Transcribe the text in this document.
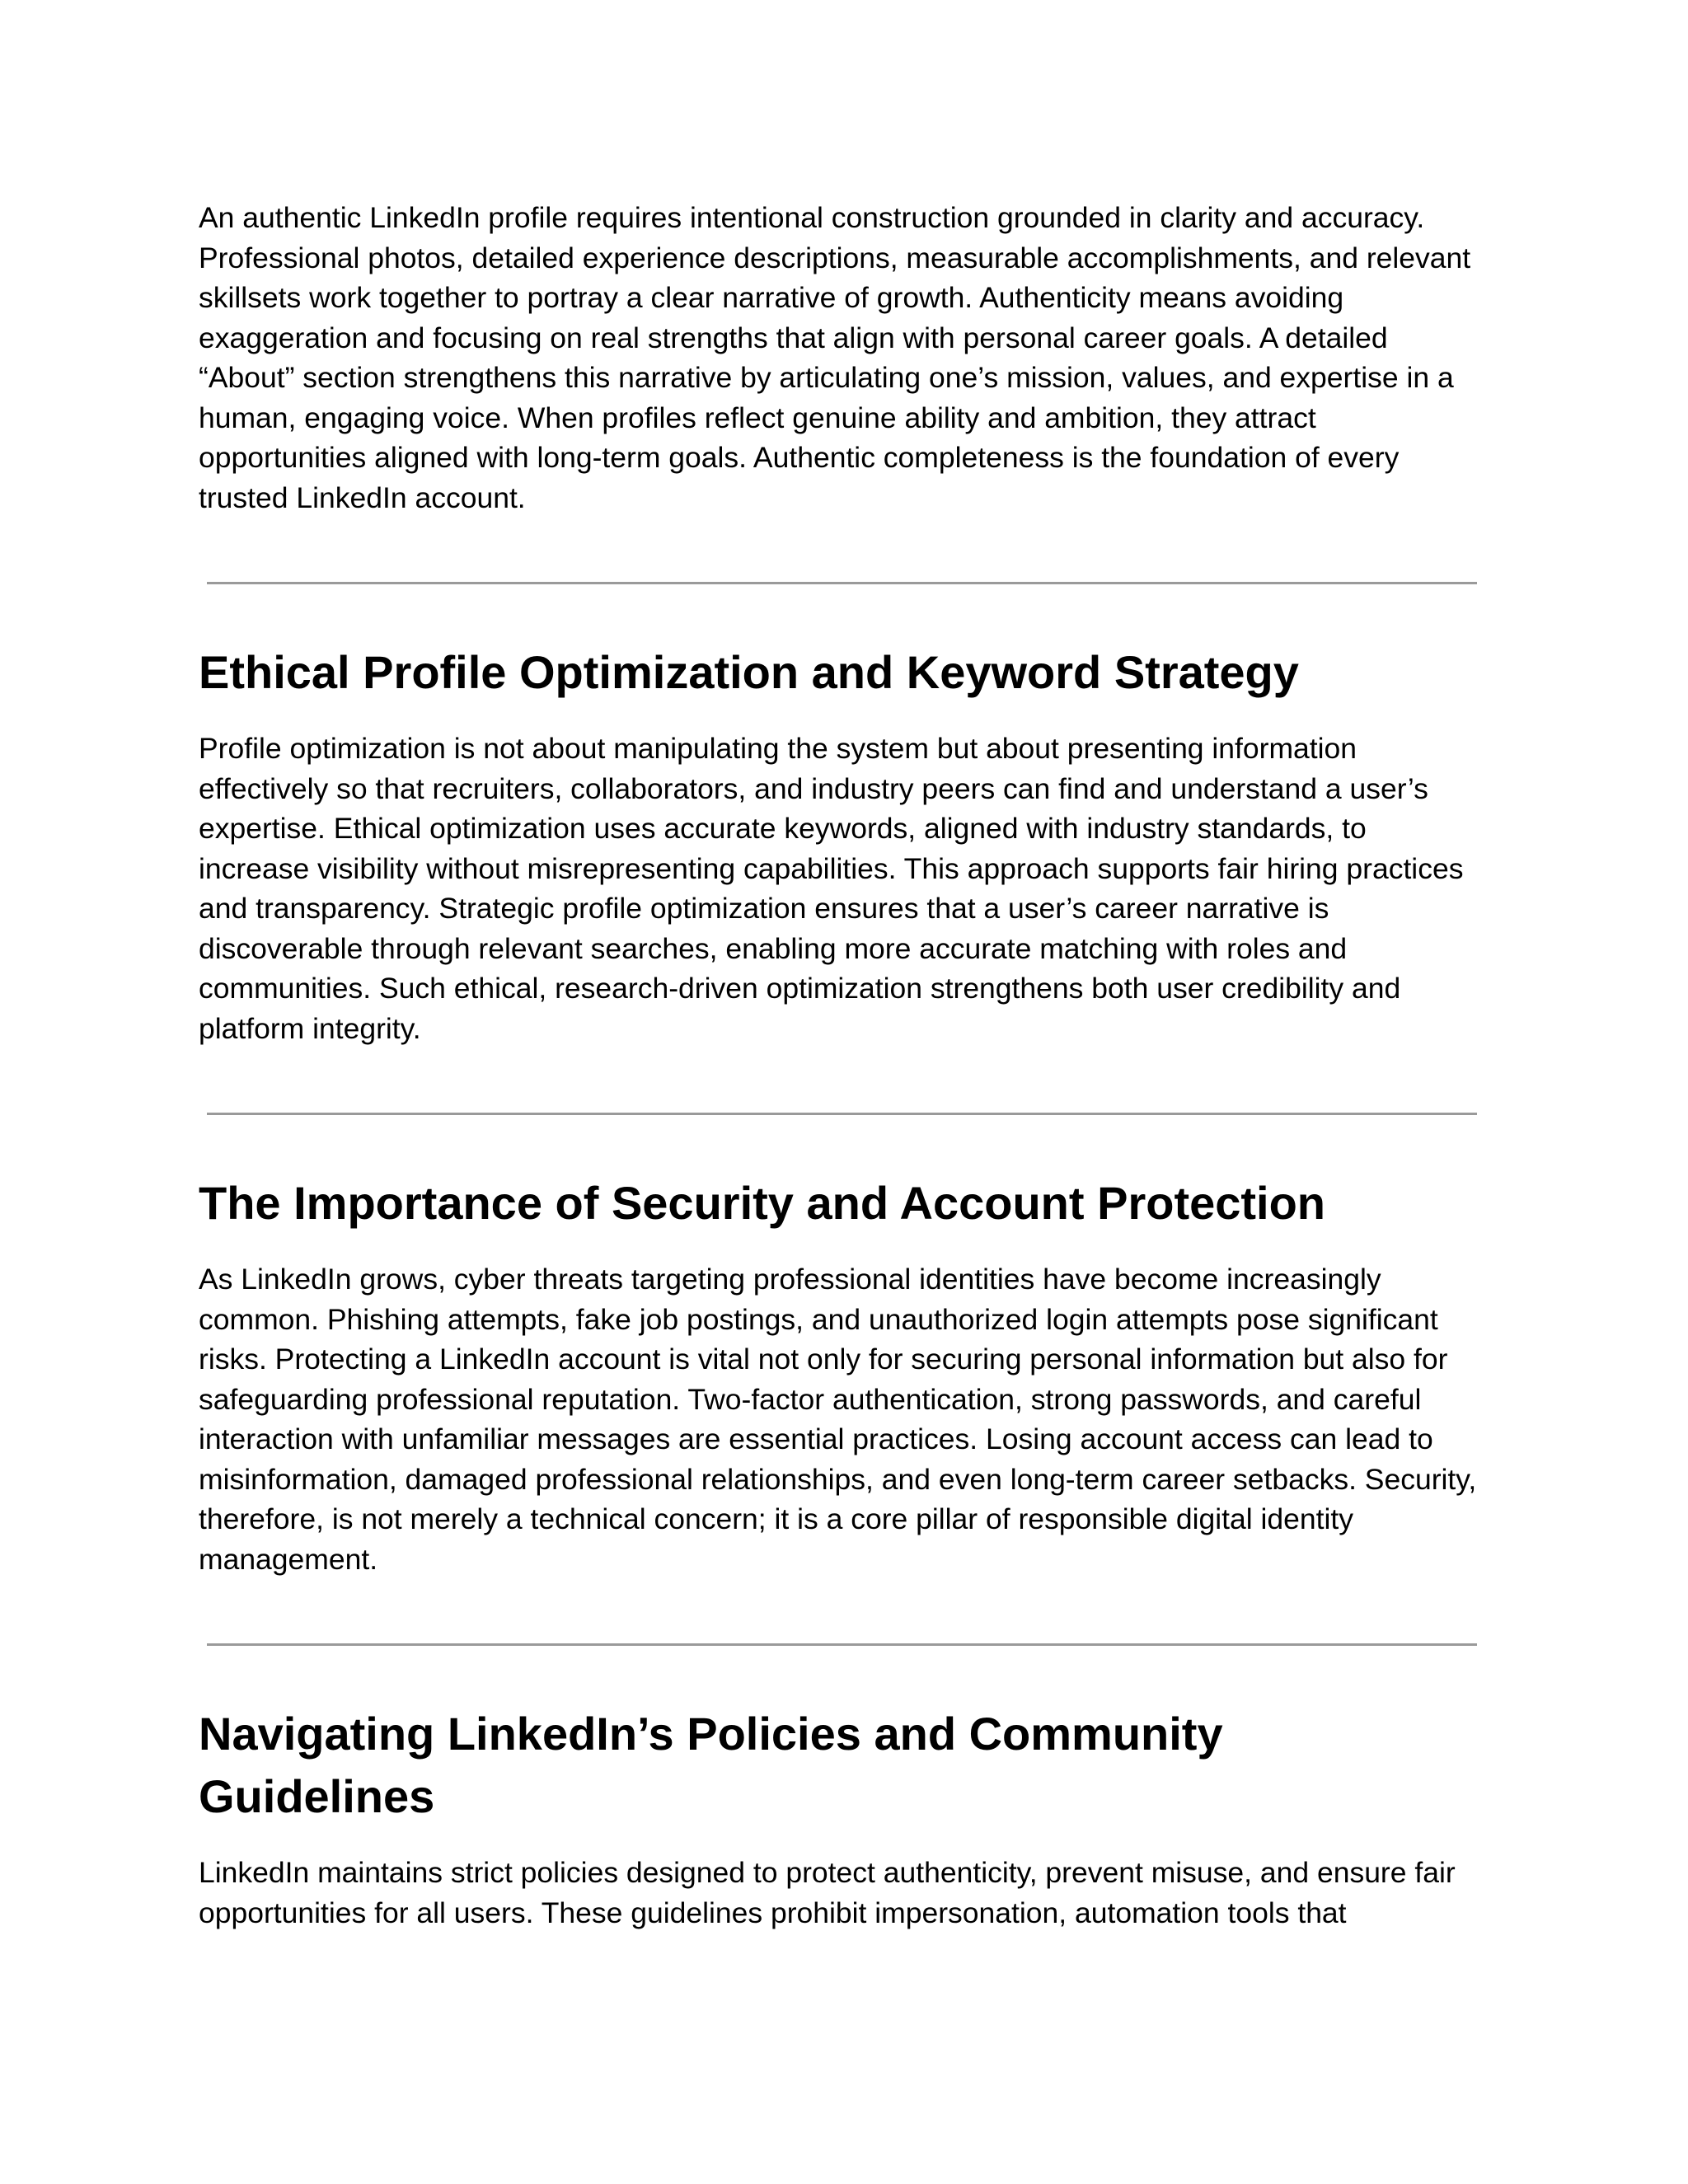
An authentic LinkedIn profile requires intentional construction grounded in clarity and accuracy. Professional photos, detailed experience descriptions, measurable accomplishments, and relevant skillsets work together to portray a clear narrative of growth. Authenticity means avoiding exaggeration and focusing on real strengths that align with personal career goals. A detailed “About” section strengthens this narrative by articulating one’s mission, values, and expertise in a human, engaging voice. When profiles reflect genuine ability and ambition, they attract opportunities aligned with long-term goals. Authentic completeness is the foundation of every trusted LinkedIn account.

Ethical Profile Optimization and Keyword Strategy

Profile optimization is not about manipulating the system but about presenting information effectively so that recruiters, collaborators, and industry peers can find and understand a user’s expertise. Ethical optimization uses accurate keywords, aligned with industry standards, to increase visibility without misrepresenting capabilities. This approach supports fair hiring practices and transparency. Strategic profile optimization ensures that a user’s career narrative is discoverable through relevant searches, enabling more accurate matching with roles and communities. Such ethical, research-driven optimization strengthens both user credibility and platform integrity.

The Importance of Security and Account Protection

As LinkedIn grows, cyber threats targeting professional identities have become increasingly common. Phishing attempts, fake job postings, and unauthorized login attempts pose significant risks. Protecting a LinkedIn account is vital not only for securing personal information but also for safeguarding professional reputation. Two-factor authentication, strong passwords, and careful interaction with unfamiliar messages are essential practices. Losing account access can lead to misinformation, damaged professional relationships, and even long-term career setbacks. Security, therefore, is not merely a technical concern; it is a core pillar of responsible digital identity management.

Navigating LinkedIn’s Policies and Community Guidelines

LinkedIn maintains strict policies designed to protect authenticity, prevent misuse, and ensure fair opportunities for all users. These guidelines prohibit impersonation, automation tools that
